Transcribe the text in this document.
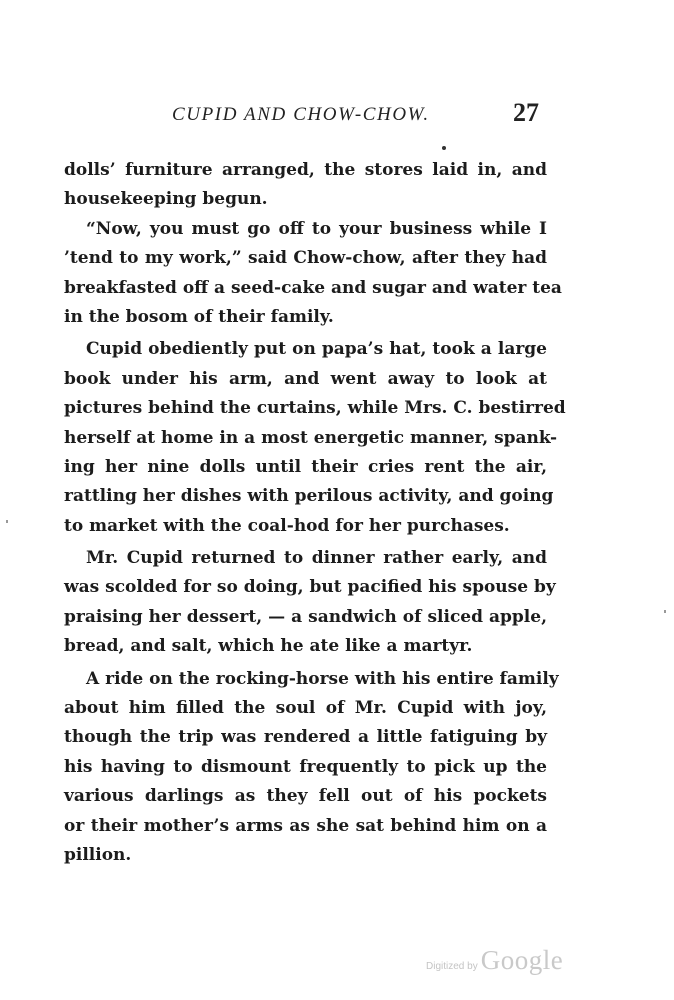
CUPID AND CHOW-CHOW.	27
dolls’ furniture arranged, the stores laid in, and
housekeeping begun.
“Now, you must go off to your business while I
’tend to my work,” said Chow-chow, after they had
breakfasted off a seed-cake and sugar and water tea
in the bosom of their family.
Cupid obediently put on papa’s hat, took a large
book under his arm, and went away to look at
pictures behind the curtains, while Mrs. C. bestirred
herself at home in a most energetic manner, spank-
ing her nine dolls until their cries rent the air,
rattling her dishes with perilous activity, and going
to market with the coal-hod for her purchases.
Mr. Cupid returned to dinner rather early, and
was scolded for so doing, but pacified his spouse by
praising her dessert, — a sandwich of sliced apple,
bread, and salt, which he ate like a martyr.
A ride on the rocking-horse with his entire family
about him filled the soul of Mr. Cupid with joy,
though the trip was rendered a little fatiguing by
his having to dismount frequently to pick up the
various darlings as they fell out of his pockets
or their mother’s arms as she sat behind him on a
pillion.
Digitized by Google
